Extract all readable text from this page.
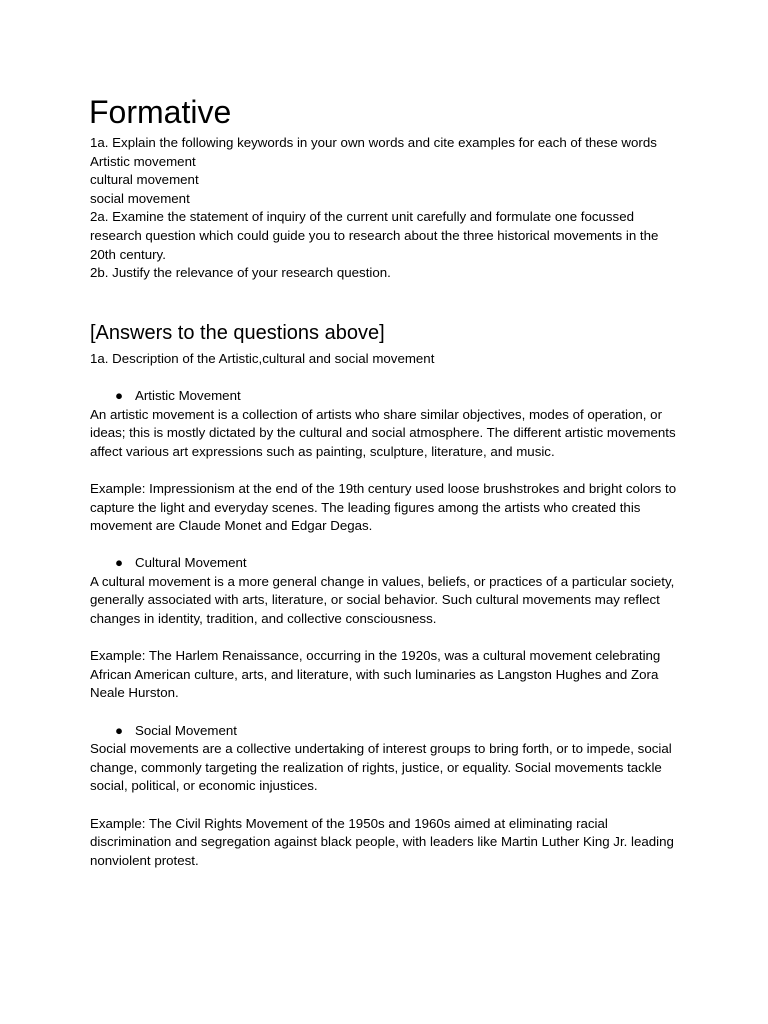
Formative

1a. Explain the following keywords in your own words and cite examples for each of these words

Artistic movement

cultural movement

social movement

2a. Examine the statement of inquiry of the current unit carefully and formulate one focussed research question which could guide you to research about the three historical movements in the 20th century.

2b. Justify the relevance of your research question.

[Answers to the questions above]

1a. Description of the Artistic,cultural and social movement

● Artistic Movement

An artistic movement is a collection of artists who share similar objectives, modes of operation, or ideas; this is mostly dictated by the cultural and social atmosphere. The different artistic movements affect various art expressions such as painting, sculpture, literature, and music.

Example: Impressionism at the end of the 19th century used loose brushstrokes and bright colors to capture the light and everyday scenes. The leading figures among the artists who created this movement are Claude Monet and Edgar Degas.

● Cultural Movement

A cultural movement is a more general change in values, beliefs, or practices of a particular society, generally associated with arts, literature, or social behavior. Such cultural movements may reflect changes in identity, tradition, and collective consciousness.

Example: The Harlem Renaissance, occurring in the 1920s, was a cultural movement celebrating African American culture, arts, and literature, with such luminaries as Langston Hughes and Zora Neale Hurston.

● Social Movement

Social movements are a collective undertaking of interest groups to bring forth, or to impede, social change, commonly targeting the realization of rights, justice, or equality. Social movements tackle social, political, or economic injustices.

Example: The Civil Rights Movement of the 1950s and 1960s aimed at eliminating racial discrimination and segregation against black people, with leaders like Martin Luther King Jr. leading nonviolent protest.
